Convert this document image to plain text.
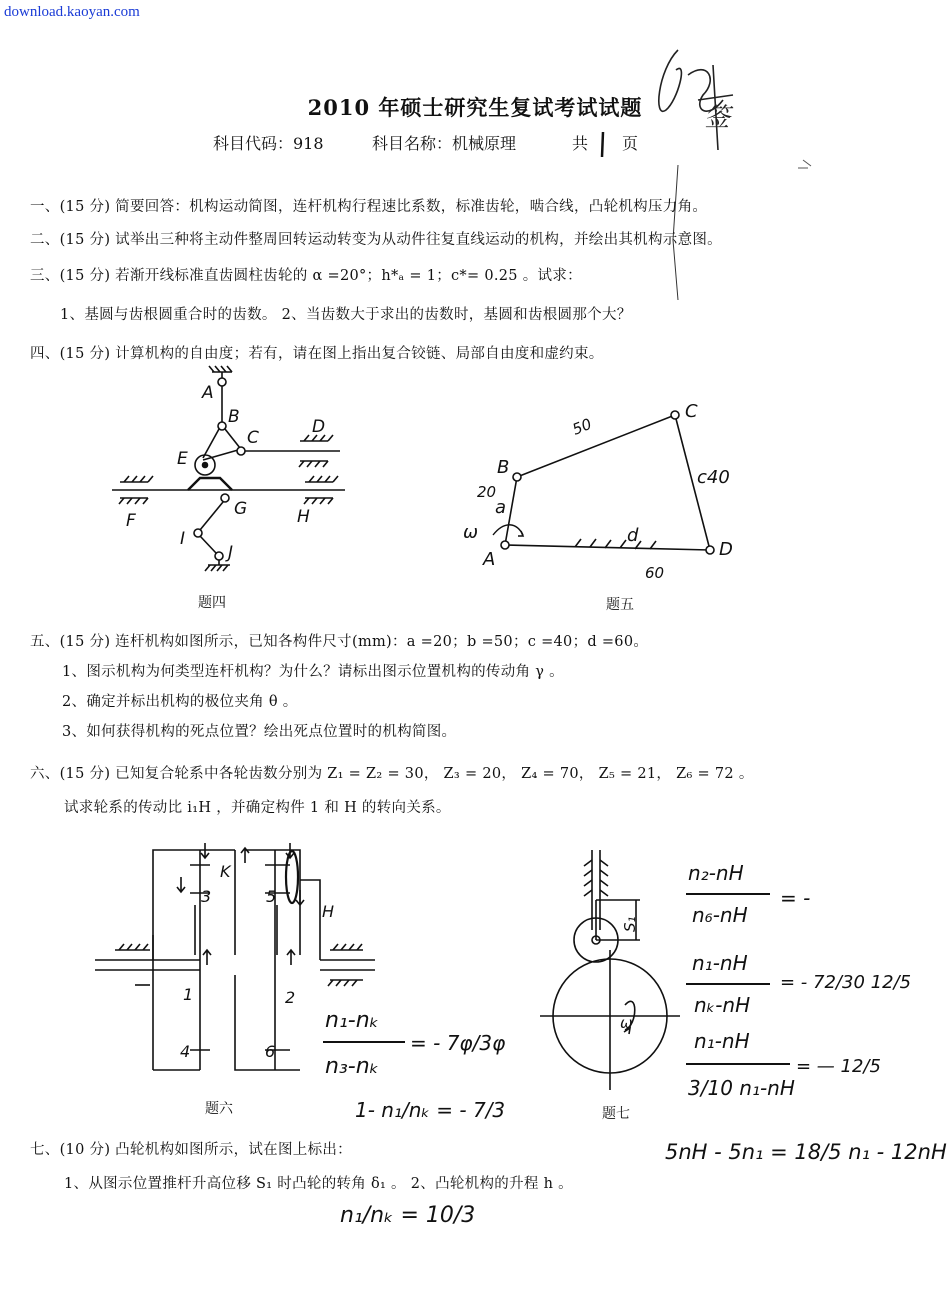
download.kaoyan.com
2010 年硕士研究生复试考试试题
科目代码：918	科目名称：机械原理	共 页
签
一、(15 分) 简要回答：机构运动简图，连杆机构行程速比系数，标准齿轮，啮合线，凸轮机构压力角。
二、(15 分) 试举出三种将主动件整周回转运动转变为从动件往复直线运动的机构，并绘出其机构示意图。
三、(15 分) 若渐开线标准直齿圆柱齿轮的 α =20°；h*ₐ = 1；c*= 0.25 。试求：
1、基圆与齿根圆重合时的齿数。 2、当齿数大于求出的齿数时，基圆和齿根圆那个大？
四、(15 分) 计算机构的自由度；若有，请在图上指出复合铰链、局部自由度和虚约束。
A
B
C
D
E
F
G	H
I
J
题四
A
B
C
D
ω
a
d
50
20
c40
60
题五
五、(15 分) 连杆机构如图所示，已知各构件尺寸(mm)：a =20；b =50；c =40；d =60。
1、图示机构为何类型连杆机构？为什么？请标出图示位置机构的传动角 γ 。
2、确定并标出机构的极位夹角 θ 。
3、如何获得机构的死点位置？绘出死点位置时的机构简图。
六、(15 分) 已知复合轮系中各轮齿数分别为 Z₁ = Z₂ = 30， Z₃ = 20， Z₄ = 70， Z₅ = 21， Z₆ = 72 。
试求轮系的传动比 i₁H ，并确定构件 1 和 H 的转向关系。
K
H
1	2
3
4
5
6
题六
n₁-nₖ
n₃-nₖ
= - 7φ/3φ
1- n₁/nₖ = - 7/3
S₁
ω
题七
n₂-nH
n₆-nH
= -
n₁-nH
nₖ-nH
= - 72/30 12/5
n₁-nH
3/10 n₁-nH
= — 12/5
七、(10 分) 凸轮机构如图所示，试在图上标出：
1、从图示位置推杆升高位移 S₁ 时凸轮的转角 δ₁ 。 2、凸轮机构的升程 h 。
5nH - 5n₁ = 18/5 n₁ - 12nH
n₁/nₖ = 10/3
